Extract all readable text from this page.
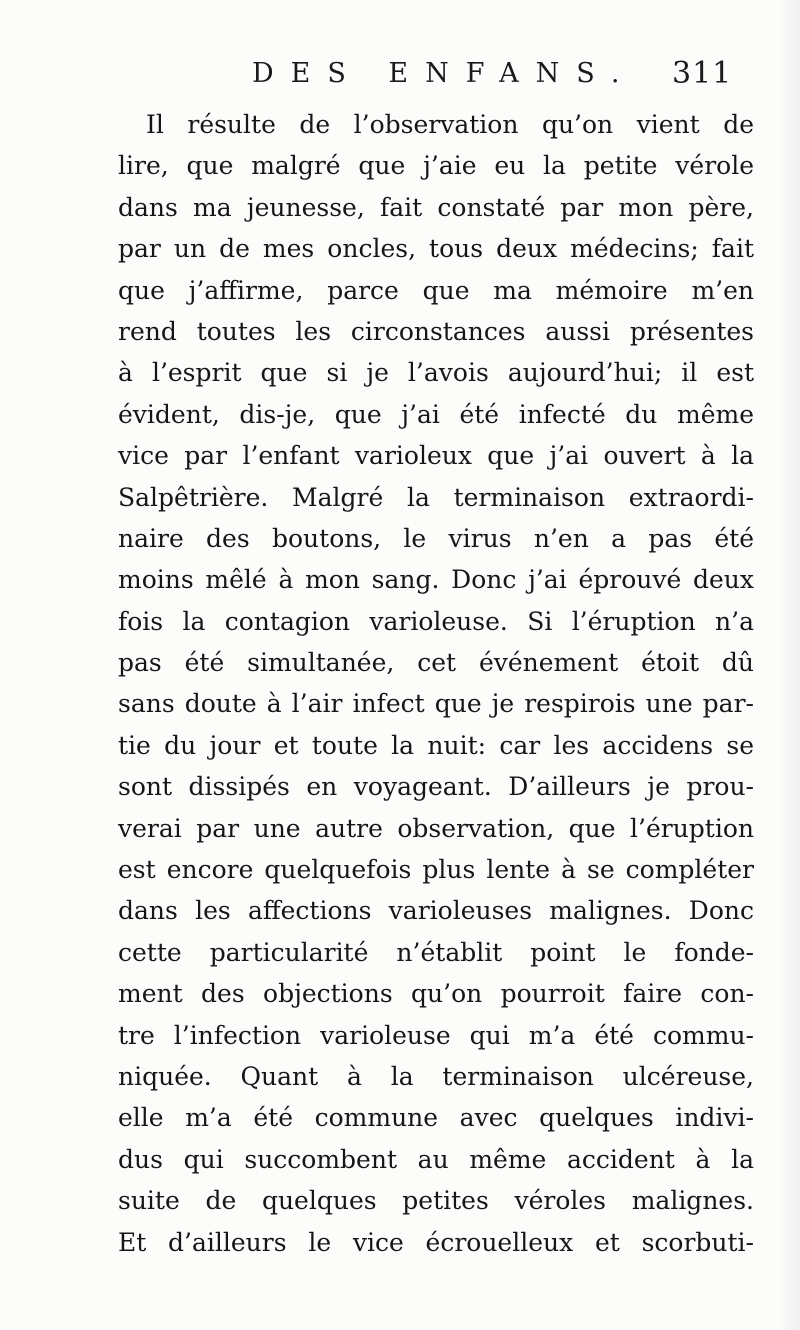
DES ENFANS. 311
Il résulte de l’observation qu’on vient de
lire, que malgré que j’aie eu la petite vérole
dans ma jeunesse, fait constaté par mon père,
par un de mes oncles, tous deux médecins; fait
que j’affirme, parce que ma mémoire m’en
rend toutes les circonstances aussi présentes
à l’esprit que si je l’avois aujourd’hui; il est
évident, dis-je, que j’ai été infecté du même
vice par l’enfant varioleux que j’ai ouvert à la
Salpêtrière. Malgré la terminaison extraordi-
naire des boutons, le virus n’en a pas été
moins mêlé à mon sang. Donc j’ai éprouvé deux
fois la contagion varioleuse. Si l’éruption n’a
pas été simultanée, cet événement étoit dû
sans doute à l’air infect que je respirois une par-
tie du jour et toute la nuit: car les accidens se
sont dissipés en voyageant. D’ailleurs je prou-
verai par une autre observation, que l’éruption
est encore quelquefois plus lente à se compléter
dans les affections varioleuses malignes. Donc
cette particularité n’établit point le fonde-
ment des objections qu’on pourroit faire con-
tre l’infection varioleuse qui m’a été commu-
niquée. Quant à la terminaison ulcéreuse,
elle m’a été commune avec quelques indivi-
dus qui succombent au même accident à la
suite de quelques petites véroles malignes.
Et d’ailleurs le vice écrouelleux et scorbuti-
